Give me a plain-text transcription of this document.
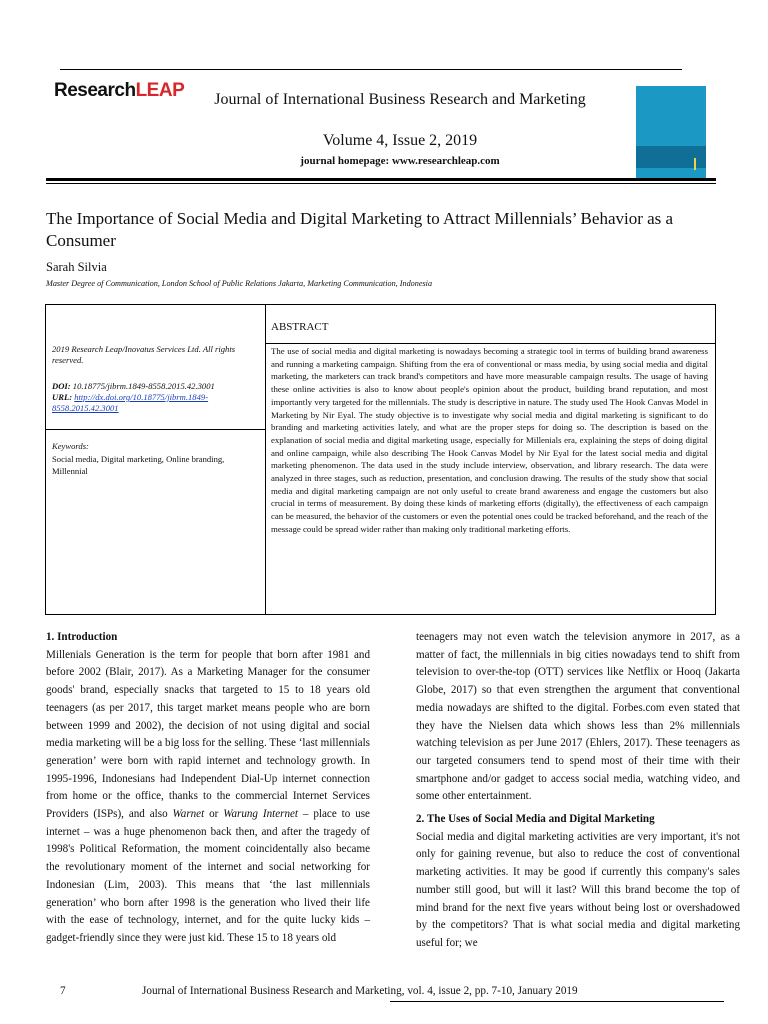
ResearchLEAP	Journal of International Business Research and Marketing
Volume 4, Issue 2, 2019
journal homepage: www.researchleap.com
The Importance of Social Media and Digital Marketing to Attract Millennials’ Behavior as a Consumer
Sarah Silvia
Master Degree of Communication, London School of Public Relations Jakarta, Marketing Communication, Indonesia
2019 Research Leap/Inovatus Services Ltd. All rights reserved.
DOI: 10.18775/jibrm.1849-8558.2015.42.3001
URL: http://dx.doi.org/10.18775/jibrm.1849-8558.2015.42.3001
Keywords:
Social media, Digital marketing, Online branding, Millennial
ABSTRACT
The use of social media and digital marketing is nowadays becoming a strategic tool in terms of building brand awareness and running a marketing campaign. Shifting from the era of conventional or mass media, by using social media and digital marketing, the marketers can track brand's competitors and have more measurable campaign results. The usage of having these online activities is also to know about people's opinion about the product, building brand reputation, and most importantly very targeted for the millennials. The study is descriptive in nature. The study used The Hook Canvas Model in Marketing by Nir Eyal. The study objective is to investigate why social media and digital marketing is significant to do branding and marketing activities lately, and what are the proper steps for doing so. The description is based on the explanation of social media and digital marketing usage, especially for Millenials era, explaining the steps of doing digital and online campaign, while also describing The Hook Canvas Model by Nir Eyal for the latest social media and digital marketing phenomenon. The data used in the study include interview, observation, and library research. The data were analyzed in three stages, such as reduction, presentation, and conclusion drawing. The results of the study show that social media and digital marketing campaign are not only useful to create brand awareness and engage the customers but also crucial in terms of measurement. By doing these kinds of marketing efforts (digitally), the effectiveness of each campaign can be measured, the behavior of the customers or even the potential ones could be tracked beforehand, and the reach of the message could be spread wider rather than making only traditional marketing efforts.
1. Introduction

Millenials Generation is the term for people that born after 1981 and before 2002 (Blair, 2017). As a Marketing Manager for the consumer goods' brand, especially snacks that targeted to 15 to 18 years old teenagers (as per 2017, this target market means people who are born between 1999 and 2002), the decision of not using digital and social media marketing will be a big loss for the selling. These ‘last millennials generation’ were born with rapid internet and technology growth. In 1995-1996, Indonesians had Independent Dial-Up internet connection from home or the office, thanks to the commercial Internet Services Providers (ISPs), and also Warnet or Warung Internet – place to use internet – was a huge phenomenon back then, and after the tragedy of 1998's Political Reformation, the moment coincidentally also became the revolutionary moment of the internet and social networking for Indonesian (Lim, 2003). This means that ‘the last millennials generation’ who born after 1998 is the generation who lived their life with the ease of technology, internet, and for the quite lucky kids – gadget-friendly since they were just kid. These 15 to 18 years old

teenagers may not even watch the television anymore in 2017, as a matter of fact, the millennials in big cities nowadays tend to shift from television to over-the-top (OTT) services like Netflix or Hooq (Jakarta Globe, 2017) so that even strengthen the argument that conventional media nowadays are shifted to the digital. Forbes.com even stated that they have the Nielsen data which shows less than 2% millennials watching television as per June 2017 (Ehlers, 2017). These teenagers as our targeted consumers tend to spend most of their time with their smartphone and/or gadget to access social media, watching video, and some other entertainment.

2. The Uses of Social Media and Digital Marketing

Social media and digital marketing activities are very important, it's not only for gaining revenue, but also to reduce the cost of conventional marketing activities. It may be good if currently this company's sales number still good, but will it last? Will this brand become the top of mind brand for the next five years without being lost or overshadowed by the competitors? That is what social media and digital marketing useful for; we

7	Journal of International Business Research and Marketing, vol. 4, issue 2, pp. 7-10, January 2019
